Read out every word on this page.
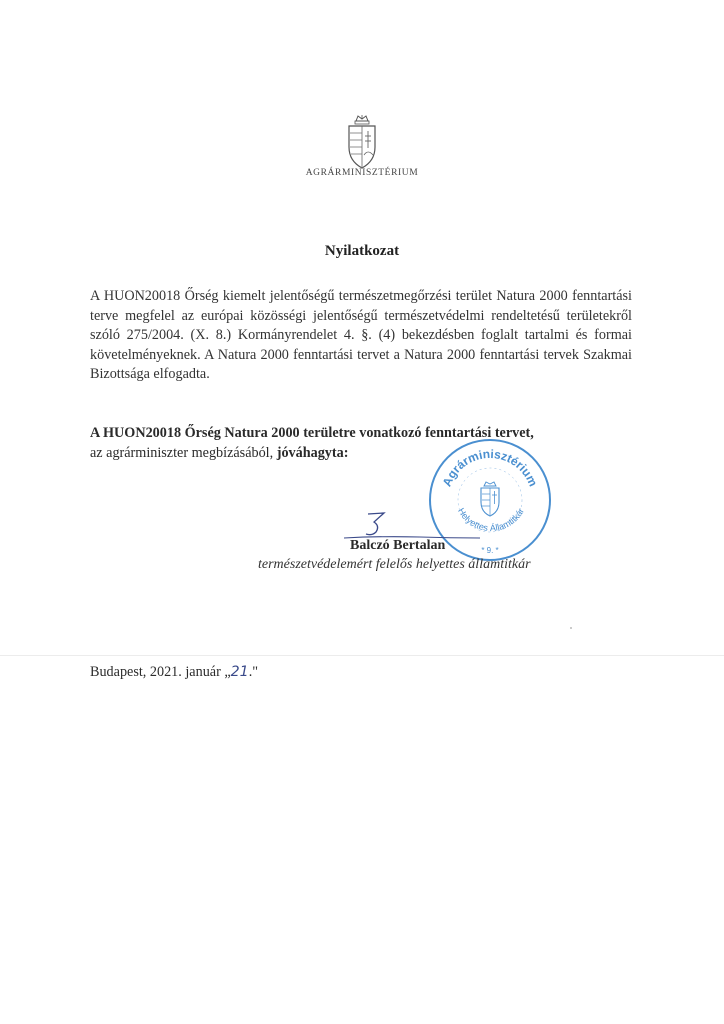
AGRÁRMINISZTÉRIUM
Nyilatkozat
A HUON20018 Őrség kiemelt jelentőségű természetmegőrzési terület Natura 2000 fenntartási terve megfelel az európai közösségi jelentőségű természetvédelmi rendeltetésű területekről szóló 275/2004. (X. 8.) Kormányrendelet 4. §. (4) bekezdésben foglalt tartalmi és formai követelményeknek. A Natura 2000 fenntartási tervet a Natura 2000 fenntartási tervek Szakmai Bizottsága elfogadta.
A HUON20018 Őrség Natura 2000 területre vonatkozó fenntartási tervet,
az agrárminiszter megbízásából, jóváhagyta:
Agrárminisztérium
Helyettes Államtitkár
* 9. *
Balczó Bertalan
természetvédelemért felelős helyettes államtitkár
Budapest, 2021. január „21."
